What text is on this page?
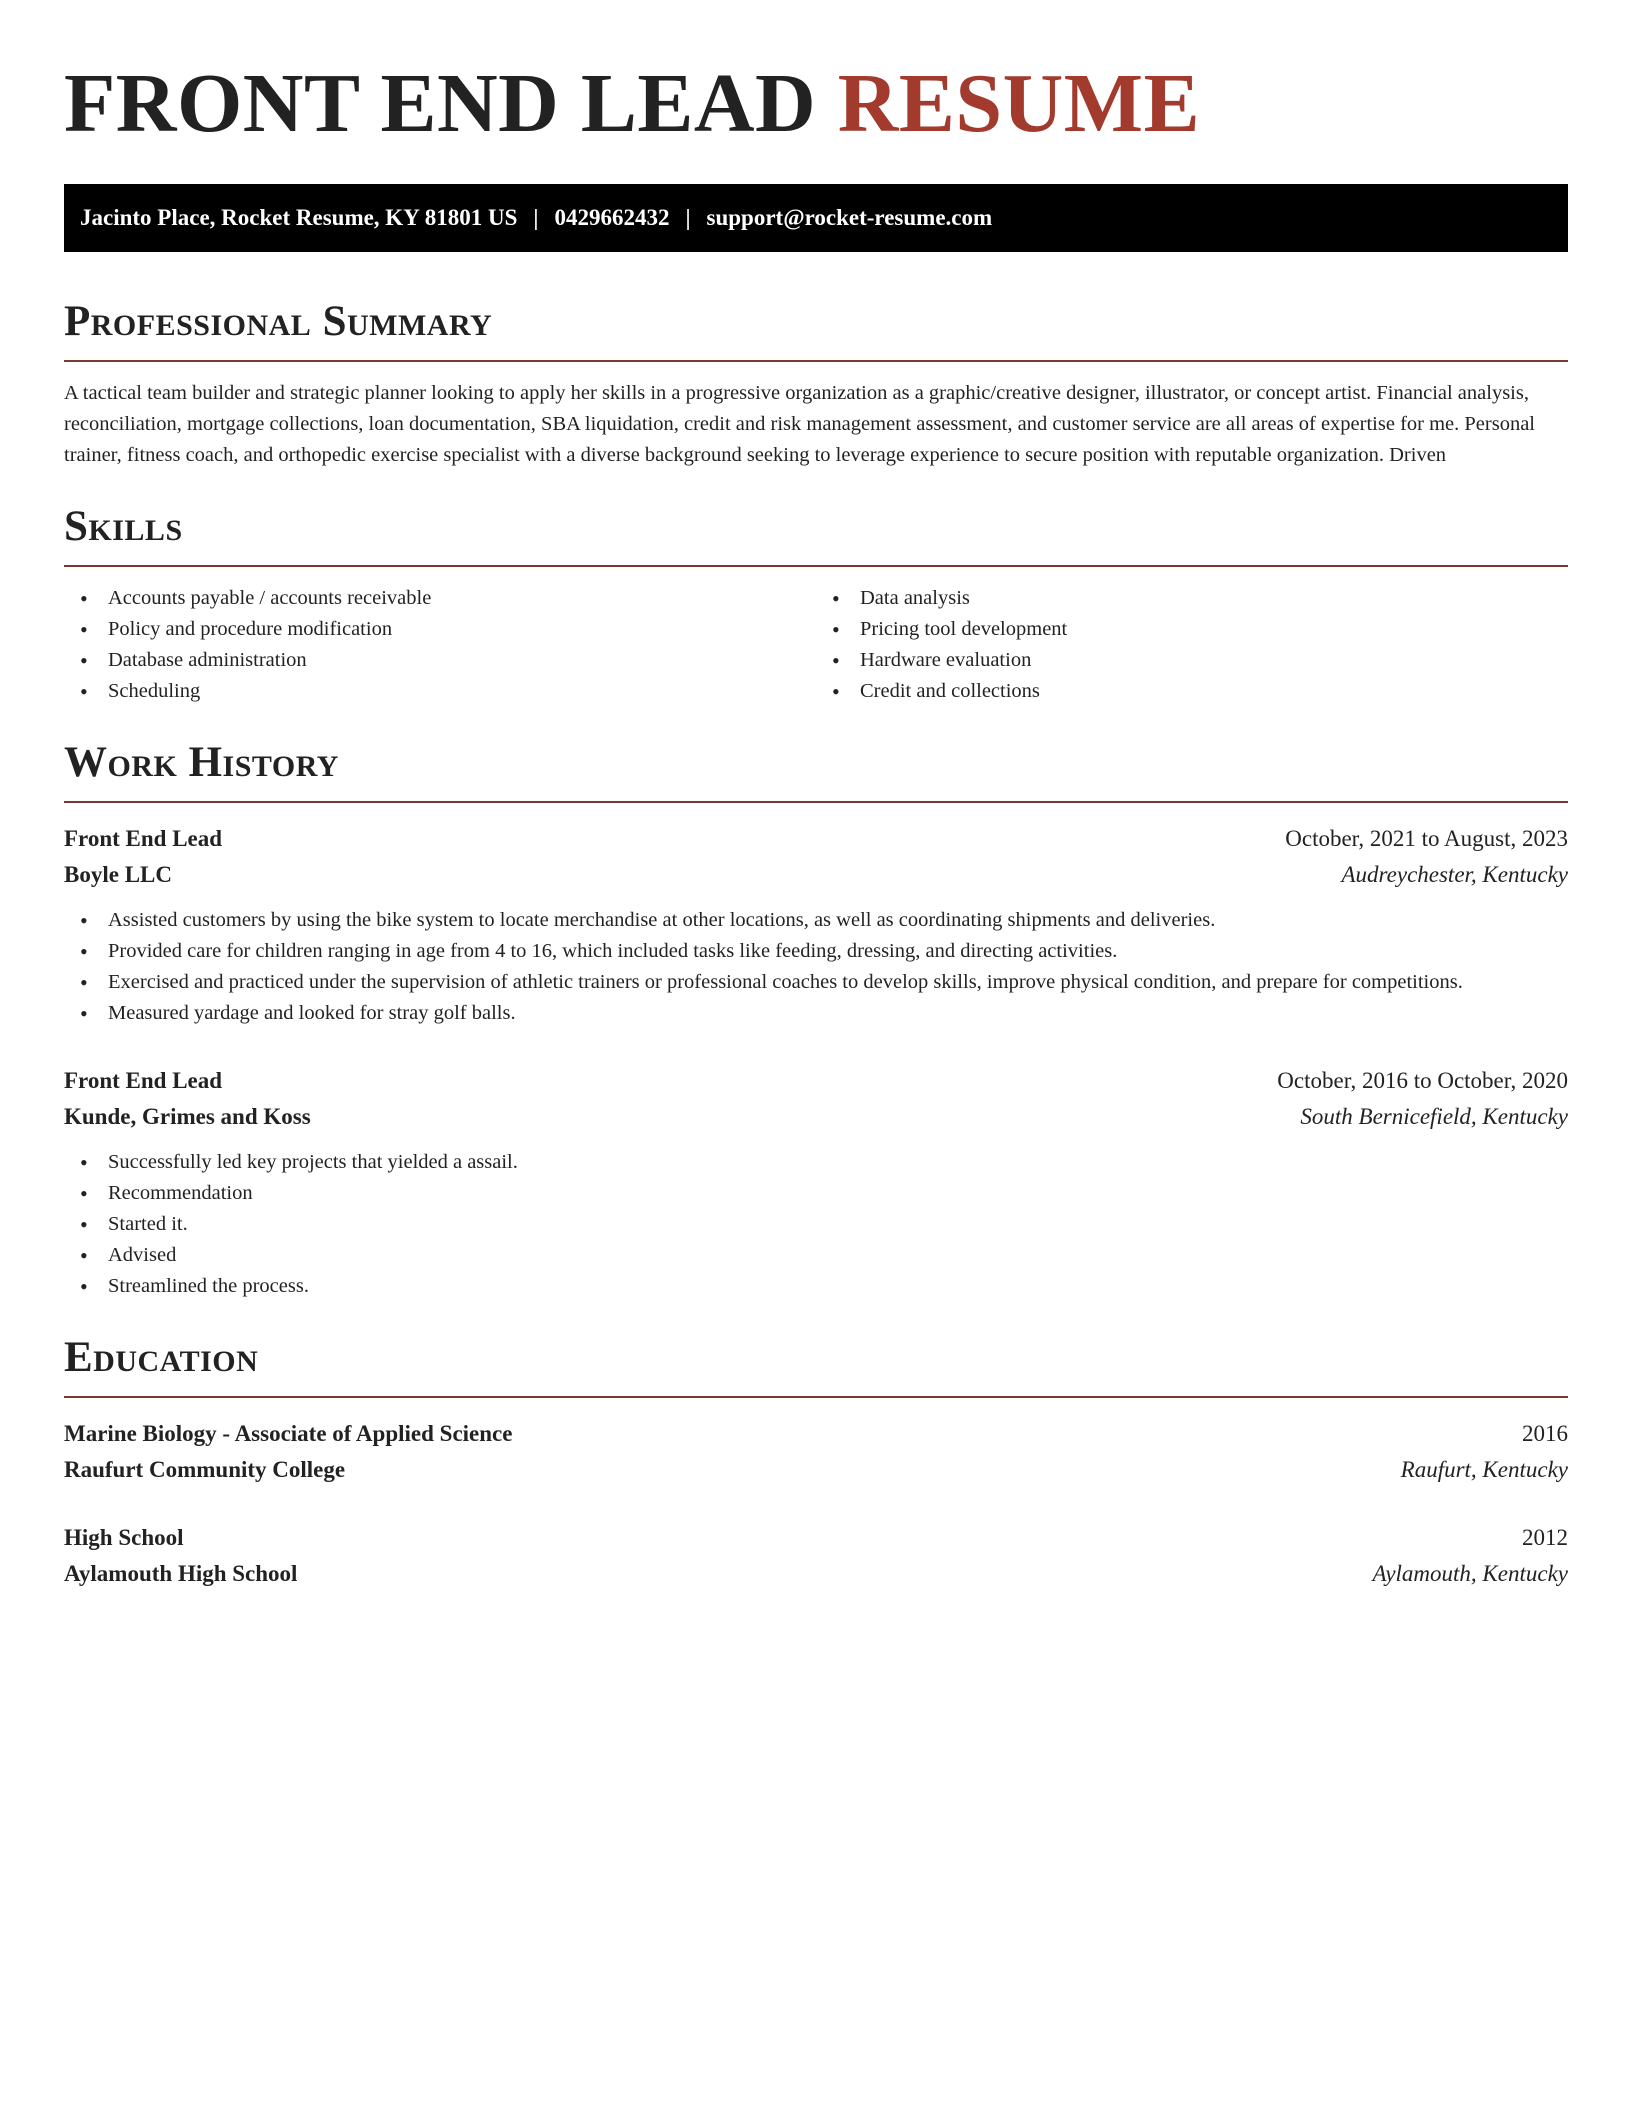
FRONT END LEAD RESUME
Jacinto Place, Rocket Resume, KY 81801 US | 0429662432 | support@rocket-resume.com
Professional Summary

A tactical team builder and strategic planner looking to apply her skills in a progressive organization as a graphic/creative designer, illustrator, or concept artist. Financial analysis, reconciliation, mortgage collections, loan documentation, SBA liquidation, credit and risk management assessment, and customer service are all areas of expertise for me. Personal trainer, fitness coach, and orthopedic exercise specialist with a diverse background seeking to leverage experience to secure position with reputable organization. Driven

Skills
• Accounts payable / accounts receivable
• Policy and procedure modification
• Database administration
• Scheduling
• Data analysis
• Pricing tool development
• Hardware evaluation
• Credit and collections
Work History
Front End Lead	October, 2021 to August, 2023
Boyle LLC	Audreychester, Kentucky
• Assisted customers by using the bike system to locate merchandise at other locations, as well as coordinating shipments and deliveries.
• Provided care for children ranging in age from 4 to 16, which included tasks like feeding, dressing, and directing activities.
• Exercised and practiced under the supervision of athletic trainers or professional coaches to develop skills, improve physical condition, and prepare for competitions.
• Measured yardage and looked for stray golf balls.
Front End Lead	October, 2016 to October, 2020
Kunde, Grimes and Koss	South Bernicefield, Kentucky
• Successfully led key projects that yielded a assail.
• Recommendation
• Started it.
• Advised
• Streamlined the process.
Education
Marine Biology - Associate of Applied Science	2016
Raufurt Community College	Raufurt, Kentucky
High School	2012
Aylamouth High School	Aylamouth, Kentucky
